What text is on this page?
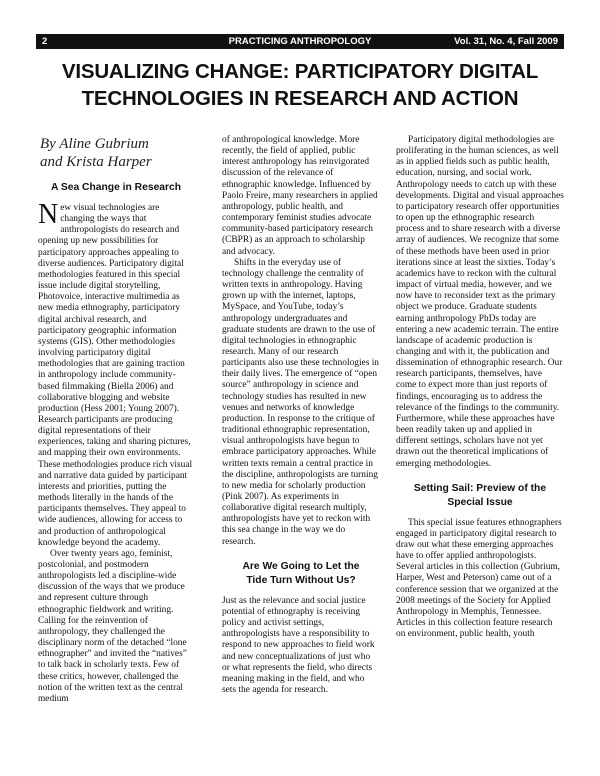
2	PRACTICING ANTHROPOLOGY	Vol. 31, No. 4, Fall 2009
VISUALIZING CHANGE: PARTICIPATORY DIGITAL
TECHNOLOGIES IN RESEARCH AND ACTION
By Aline Gubrium
and Krista Harper
A Sea Change in Research

New visual technologies are changing the ways that anthropologists do research and opening up new possibilities for participatory approaches appealing to diverse audiences. Participatory digital methodologies featured in this special issue include digital storytelling, Photovoice, interactive multimedia as new media ethnography, participatory digital archival research, and participatory geographic information systems (GIS). Other methodologies involving participatory digital methodologies that are gaining traction in anthropology include community-based filmmaking (Biella 2006) and collaborative blogging and website production (Hess 2001; Young 2007). Research participants are producing digital representations of their experiences, taking and sharing pictures, and mapping their own environments. These methodologies produce rich visual and narrative data guided by participant interests and priorities, putting the methods literally in the hands of the participants themselves. They appeal to wide audiences, allowing for access to and production of anthropological knowledge beyond the academy.

Over twenty years ago, feminist, postcolonial, and postmodern anthropologists led a discipline-wide discussion of the ways that we produce and represent culture through ethnographic fieldwork and writing. Calling for the reinvention of anthropology, they challenged the disciplinary norm of the detached “lone ethnographer” and invited the “natives” to talk back in scholarly texts. Few of these critics, however, challenged the notion of the written text as the central medium

of anthropological knowledge. More recently, the field of applied, public interest anthropology has reinvigorated discussion of the relevance of ethnographic knowledge. Influenced by Paolo Freire, many researchers in applied anthropology, public health, and contemporary feminist studies advocate community-based participatory research (CBPR) as an approach to scholarship and advocacy.

Shifts in the everyday use of technology challenge the centrality of written texts in anthropology. Having grown up with the internet, laptops, MySpace, and YouTube, today’s anthropology undergraduates and graduate students are drawn to the use of digital technologies in ethnographic research. Many of our research participants also use these technologies in their daily lives. The emergence of “open source” anthropology in science and technology studies has resulted in new venues and networks of knowledge production. In response to the critique of traditional ethnographic representation, visual anthropologists have begun to embrace participatory approaches. While written texts remain a central practice in the discipline, anthropologists are turning to new media for scholarly production (Pink 2007). As experiments in collaborative digital research multiply, anthropologists have yet to reckon with this sea change in the way we do research.

Are We Going to Let the
Tide Turn Without Us?

Just as the relevance and social justice potential of ethnography is receiving policy and activist settings, anthropologists have a responsibility to respond to new approaches to field work and new conceptualizations of just who or what represents the field, who directs meaning making in the field, and who sets the agenda for research.

Participatory digital methodologies are proliferating in the human sciences, as well as in applied fields such as public health, education, nursing, and social work. Anthropology needs to catch up with these developments. Digital and visual approaches to participatory research offer opportunities to open up the ethnographic research process and to share research with a diverse array of audiences. We recognize that some of these methods have been used in prior iterations since at least the sixties. Today’s academics have to reckon with the cultural impact of virtual media, however, and we now have to reconsider text as the primary object we produce. Graduate students earning anthropology PhDs today are entering a new academic terrain. The entire landscape of academic production is changing and with it, the publication and dissemination of ethnographic research. Our research participants, themselves, have come to expect more than just reports of findings, encouraging us to address the relevance of the findings to the community. Furthermore, while these approaches have been readily taken up and applied in different settings, scholars have not yet drawn out the theoretical implications of emerging methodologies.

Setting Sail: Preview of the
Special Issue

This special issue features ethnographers engaged in participatory digital research to draw out what these emerging approaches have to offer applied anthropologists. Several articles in this collection (Gubrium, Harper, West and Peterson) came out of a conference session that we organized at the 2008 meetings of the Society for Applied Anthropology in Memphis, Tennessee. Articles in this collection feature research on environment, public health, youth
